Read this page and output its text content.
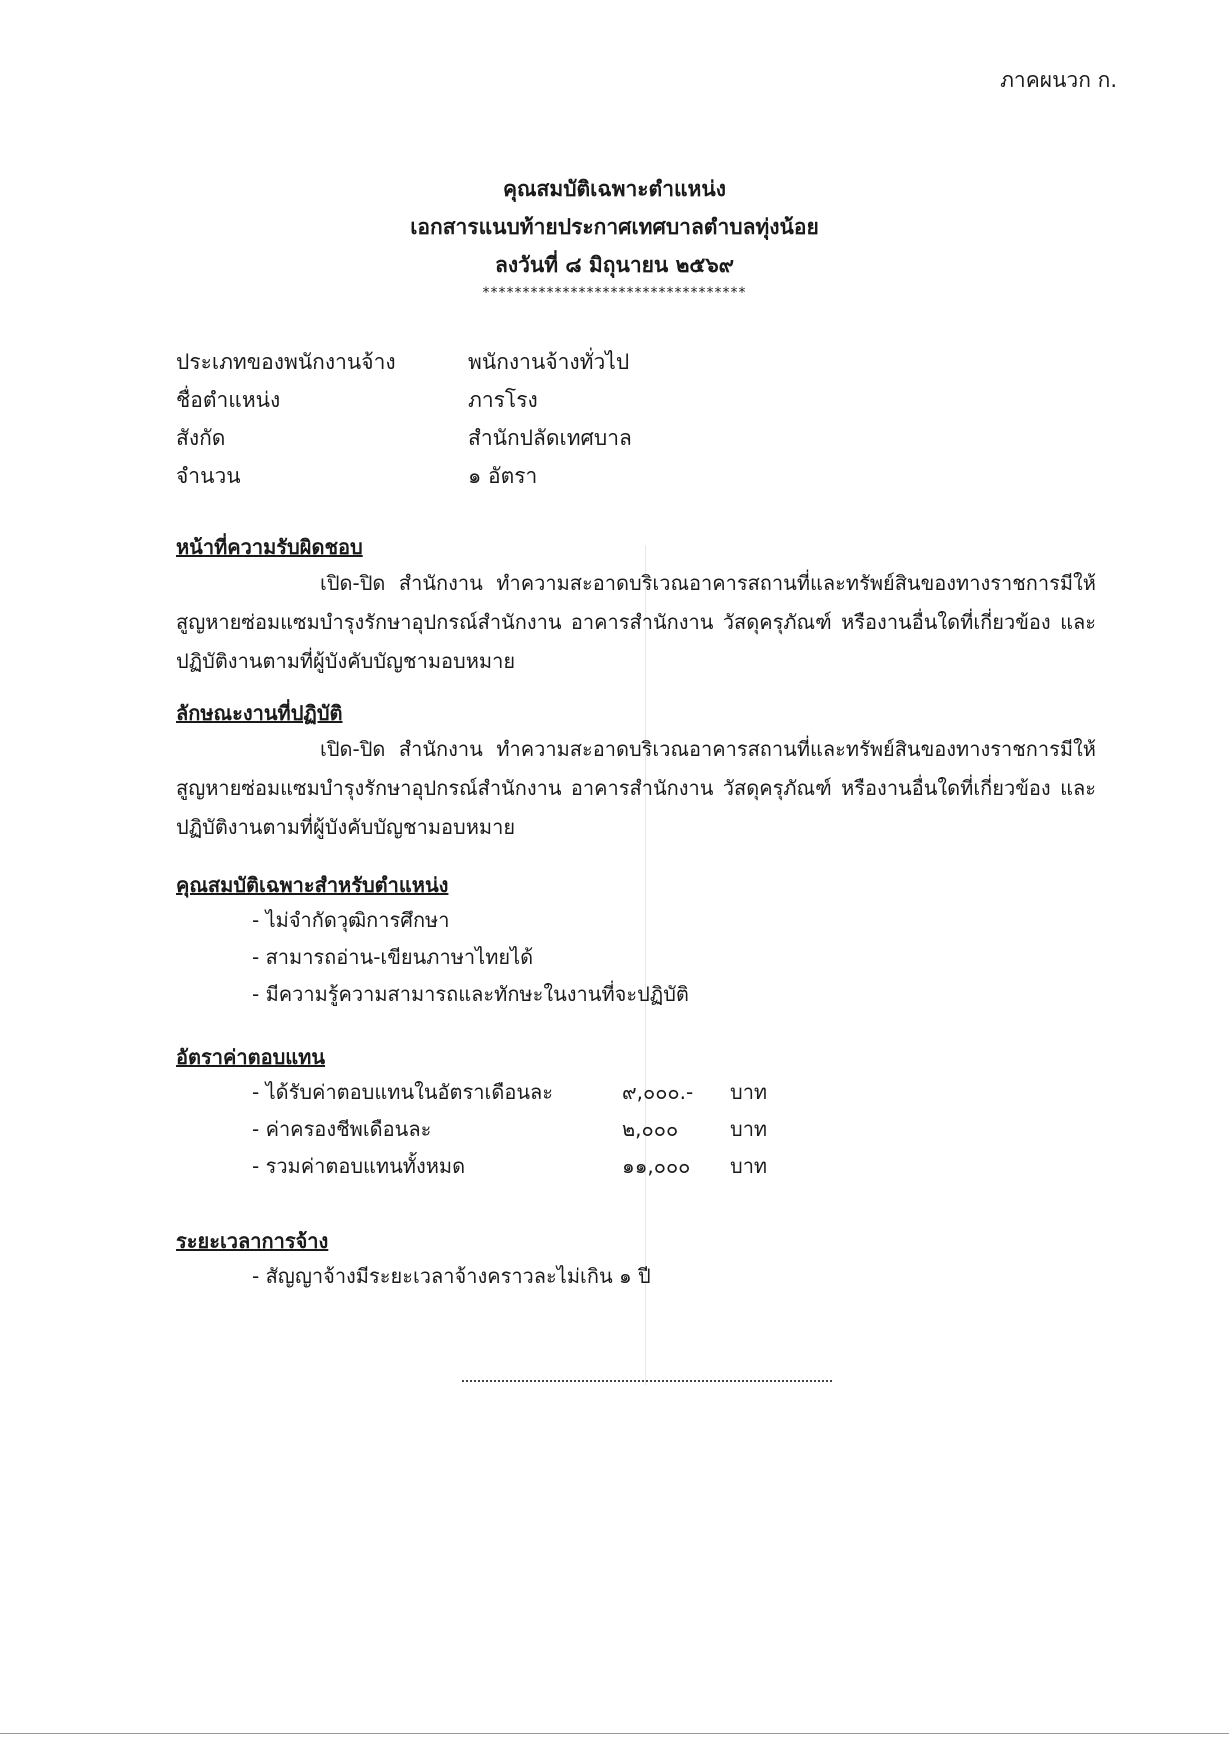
ภาคผนวก ก.
คุณสมบัติเฉพาะตำแหน่ง
เอกสารแนบท้ายประกาศเทศบาลตำบลทุ่งน้อย
ลงวันที่ ๘ มิถุนายน ๒๕๖๙
*********************************
ประเภทของพนักงานจ้าง	พนักงานจ้างทั่วไป
ชื่อตำแหน่ง	ภารโรง
สังกัด	สำนักปลัดเทศบาล
จำนวน	๑ อัตรา
หน้าที่ความรับผิดชอบ
เปิด-ปิด สำนักงาน ทำความสะอาดบริเวณอาคารสถานที่และทรัพย์สินของทางราชการมีให้สูญหายซ่อมแซมบำรุงรักษาอุปกรณ์สำนักงาน อาคารสำนักงาน วัสดุครุภัณฑ์ หรืองานอื่นใดที่เกี่ยวข้อง และปฏิบัติงานตามที่ผู้บังคับบัญชามอบหมาย
ลักษณะงานที่ปฏิบัติ
เปิด-ปิด สำนักงาน ทำความสะอาดบริเวณอาคารสถานที่และทรัพย์สินของทางราชการมีให้สูญหายซ่อมแซมบำรุงรักษาอุปกรณ์สำนักงาน อาคารสำนักงาน วัสดุครุภัณฑ์ หรืองานอื่นใดที่เกี่ยวข้อง และปฏิบัติงานตามที่ผู้บังคับบัญชามอบหมาย
คุณสมบัติเฉพาะสำหรับตำแหน่ง
- ไม่จำกัดวุฒิการศึกษา
- สามารถอ่าน-เขียนภาษาไทยได้
- มีความรู้ความสามารถและทักษะในงานที่จะปฏิบัติ
อัตราค่าตอบแทน
- ได้รับค่าตอบแทนในอัตราเดือนละ	๙,๐๐๐.-	บาท
- ค่าครองชีพเดือนละ	๒,๐๐๐	บาท
- รวมค่าตอบแทนทั้งหมด	๑๑,๐๐๐	บาท
ระยะเวลาการจ้าง
- สัญญาจ้างมีระยะเวลาจ้างคราวละไม่เกิน ๑ ปี
